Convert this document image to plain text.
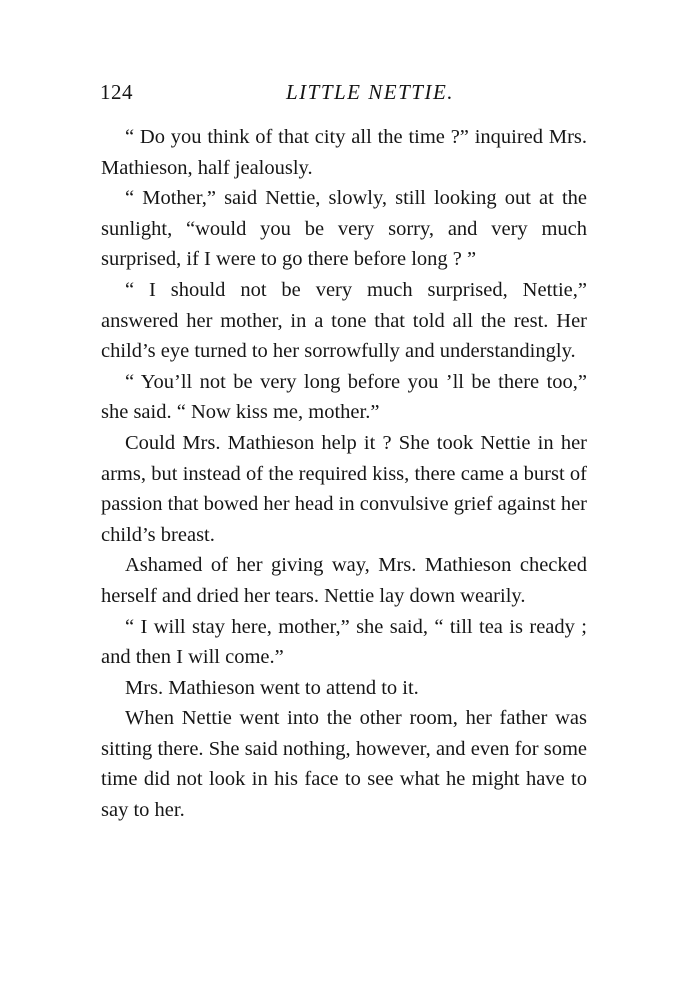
124	LITTLE NETTIE.

“ Do you think of that city all the time ?” inquired Mrs. Mathieson, half jealously.

“ Mother,” said Nettie, slowly, still looking out at the sunlight, “would you be very sorry, and very much surprised, if I were to go there before long ? ”

“ I should not be very much surprised, Nettie,” answered her mother, in a tone that told all the rest. Her child’s eye turned to her sorrowfully and understandingly.

“ You’ll not be very long before you ’ll be there too,” she said. “ Now kiss me, mother.”

Could Mrs. Mathieson help it ? She took Nettie in her arms, but instead of the required kiss, there came a burst of passion that bowed her head in convulsive grief against her child’s breast.

Ashamed of her giving way, Mrs. Mathieson checked herself and dried her tears. Nettie lay down wearily.

“ I will stay here, mother,” she said, “ till tea is ready ; and then I will come.”

Mrs. Mathieson went to attend to it.

When Nettie went into the other room, her father was sitting there. She said nothing, however, and even for some time did not look in his face to see what he might have to say to her.
